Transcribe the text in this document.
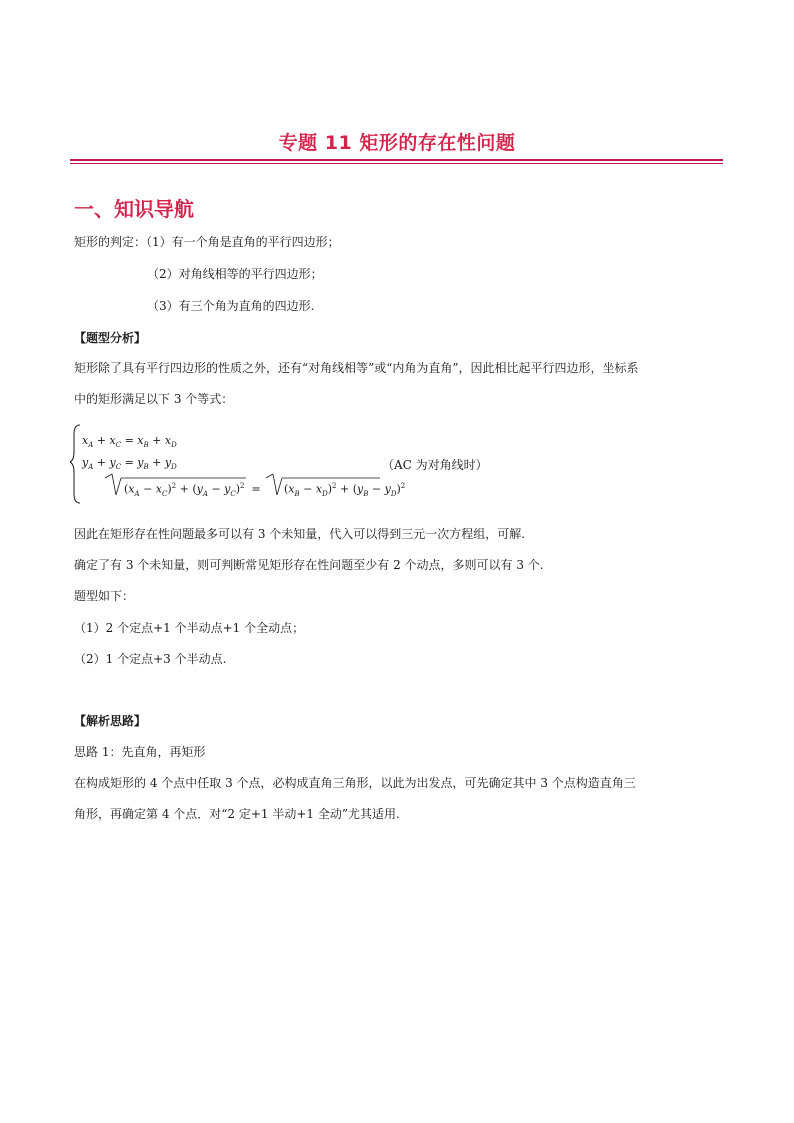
专题 11 矩形的存在性问题
一、知识导航
矩形的判定：（1）有一个角是直角的平行四边形；
（2）对角线相等的平行四边形；
（3）有三个角为直角的四边形.
【题型分析】
矩形除了具有平行四边形的性质之外，还有“对角线相等”或“内角为直角”，因此相比起平行四边形，坐标系
中的矩形满足以下 3 个等式：
$x_A + x_C = x_B + x_D$
$y_A + y_C = y_B + y_D$
$(x_A - x_C)^2 + (y_A - y_C)^2 = (x_B - x_D)^2 + (y_B - y_D)^2$
（AC 为对角线时）
因此在矩形存在性问题最多可以有 3 个未知量，代入可以得到三元一次方程组，可解.
确定了有 3 个未知量，则可判断常见矩形存在性问题至少有 2 个动点，多则可以有 3 个.
题型如下：
（1）2 个定点+1 个半动点+1 个全动点；
（2）1 个定点+3 个半动点.
【解析思路】
思路 1：先直角，再矩形
在构成矩形的 4 个点中任取 3 个点，必构成直角三角形，以此为出发点，可先确定其中 3 个点构造直角三
角形，再确定第 4 个点．对“2 定+1 半动+1 全动”尤其适用.
